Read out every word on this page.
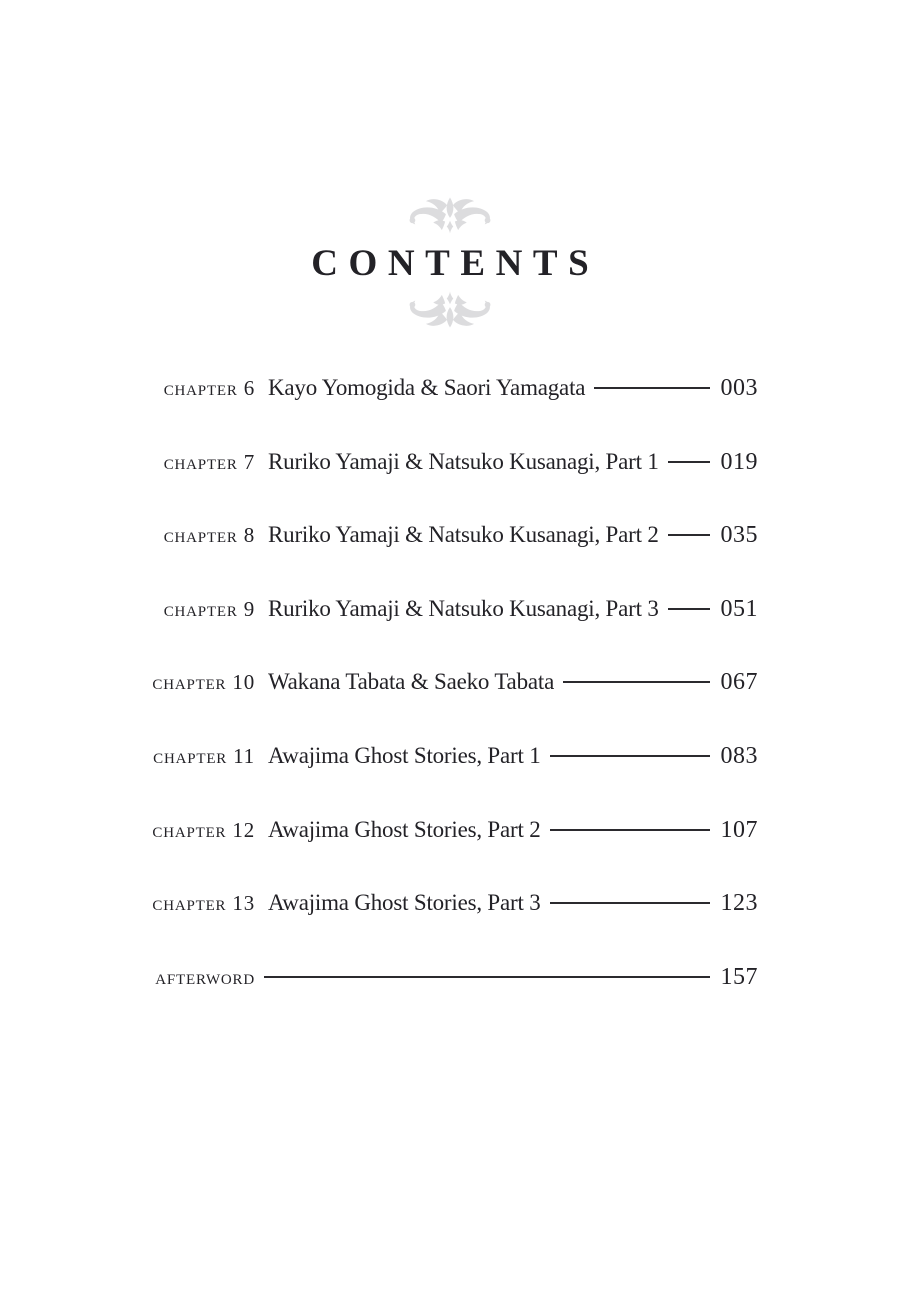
CONTENTS
chapter 6 Kayo Yomogida & Saori Yamagata	003
chapter 7 Ruriko Yamaji & Natsuko Kusanagi, Part 1	019
chapter 8 Ruriko Yamaji & Natsuko Kusanagi, Part 2	035
chapter 9 Ruriko Yamaji & Natsuko Kusanagi, Part 3	051
chapter 10 Wakana Tabata & Saeko Tabata	067
chapter 11 Awajima Ghost Stories, Part 1	083
chapter 12 Awajima Ghost Stories, Part 2	107
chapter 13 Awajima Ghost Stories, Part 3	123
afterword	157
